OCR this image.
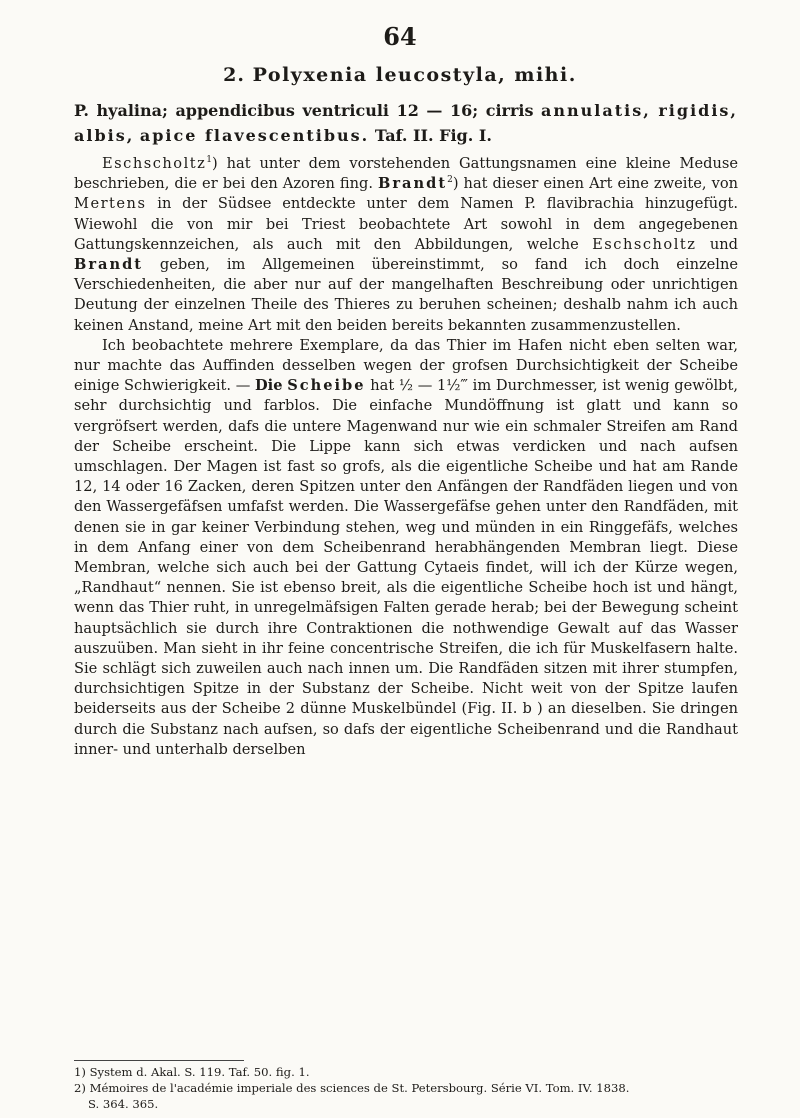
64
2. Polyxenia leucostyla, mihi.

P. hyalina; appendicibus ventriculi 12 — 16; cirris annulatis, rigidis, albis, apice flavescentibus. Taf. II. Fig. I.

Eschscholtz$^1$) hat unter dem vorstehenden Gattungsnamen eine kleine Meduse beschrieben, die er bei den Azoren fing. Brandt$^2$) hat dieser einen Art eine zweite, von Mertens in der Südsee entdeckte unter dem Namen P. flavibrachia hinzugefügt. Wiewohl die von mir bei Triest beobachtete Art sowohl in dem angegebenen Gattungskennzeichen, als auch mit den Abbildungen, welche Eschscholtz und Brandt geben, im Allgemeinen übereinstimmt, so fand ich doch einzelne Verschiedenheiten, die aber nur auf der mangelhaften Beschreibung oder unrichtigen Deutung der einzelnen Theile des Thieres zu beruhen scheinen; deshalb nahm ich auch keinen Anstand, meine Art mit den beiden bereits bekannten zusammenzustellen.

Ich beobachtete mehrere Exemplare, da das Thier im Hafen nicht eben selten war, nur machte das Auffinden desselben wegen der grofsen Durchsichtigkeit der Scheibe einige Schwierigkeit. — Die Scheibe hat ½ — 1½‴ im Durchmesser, ist wenig gewölbt, sehr durchsichtig und farblos. Die einfache Mundöffnung ist glatt und kann so vergröfsert werden, dafs die untere Magenwand nur wie ein schmaler Streifen am Rand der Scheibe erscheint. Die Lippe kann sich etwas verdicken und nach aufsen umschlagen. Der Magen ist fast so grofs, als die eigentliche Scheibe und hat am Rande 12, 14 oder 16 Zacken, deren Spitzen unter den Anfängen der Randfäden liegen und von den Wassergefäfsen umfafst werden. Die Wassergefäfse gehen unter den Randfäden, mit denen sie in gar keiner Verbindung stehen, weg und münden in ein Ringgefäfs, welches in dem Anfang einer von dem Scheibenrand herabhängenden Membran liegt. Diese Membran, welche sich auch bei der Gattung Cytaeis findet, will ich der Kürze wegen, „Randhaut“ nennen. Sie ist ebenso breit, als die eigentliche Scheibe hoch ist und hängt, wenn das Thier ruht, in unregelmäfsigen Falten gerade herab; bei der Bewegung scheint hauptsächlich sie durch ihre Contraktionen die nothwendige Gewalt auf das Wasser auszuüben. Man sieht in ihr feine concentrische Streifen, die ich für Muskelfasern halte. Sie schlägt sich zuweilen auch nach innen um. Die Randfäden sitzen mit ihrer stumpfen, durchsichtigen Spitze in der Substanz der Scheibe. Nicht weit von der Spitze laufen beiderseits aus der Scheibe 2 dünne Muskelbündel (Fig. II. b ) an dieselben. Sie dringen durch die Substanz nach aufsen, so dafs der eigentliche Scheibenrand und die Randhaut inner- und unterhalb derselben

1) System d. Akal. S. 119. Taf. 50. fig. 1.

2) Mémoires de l'académie imperiale des sciences de St. Petersbourg. Série VI. Tom. IV. 1838.

S. 364. 365.
